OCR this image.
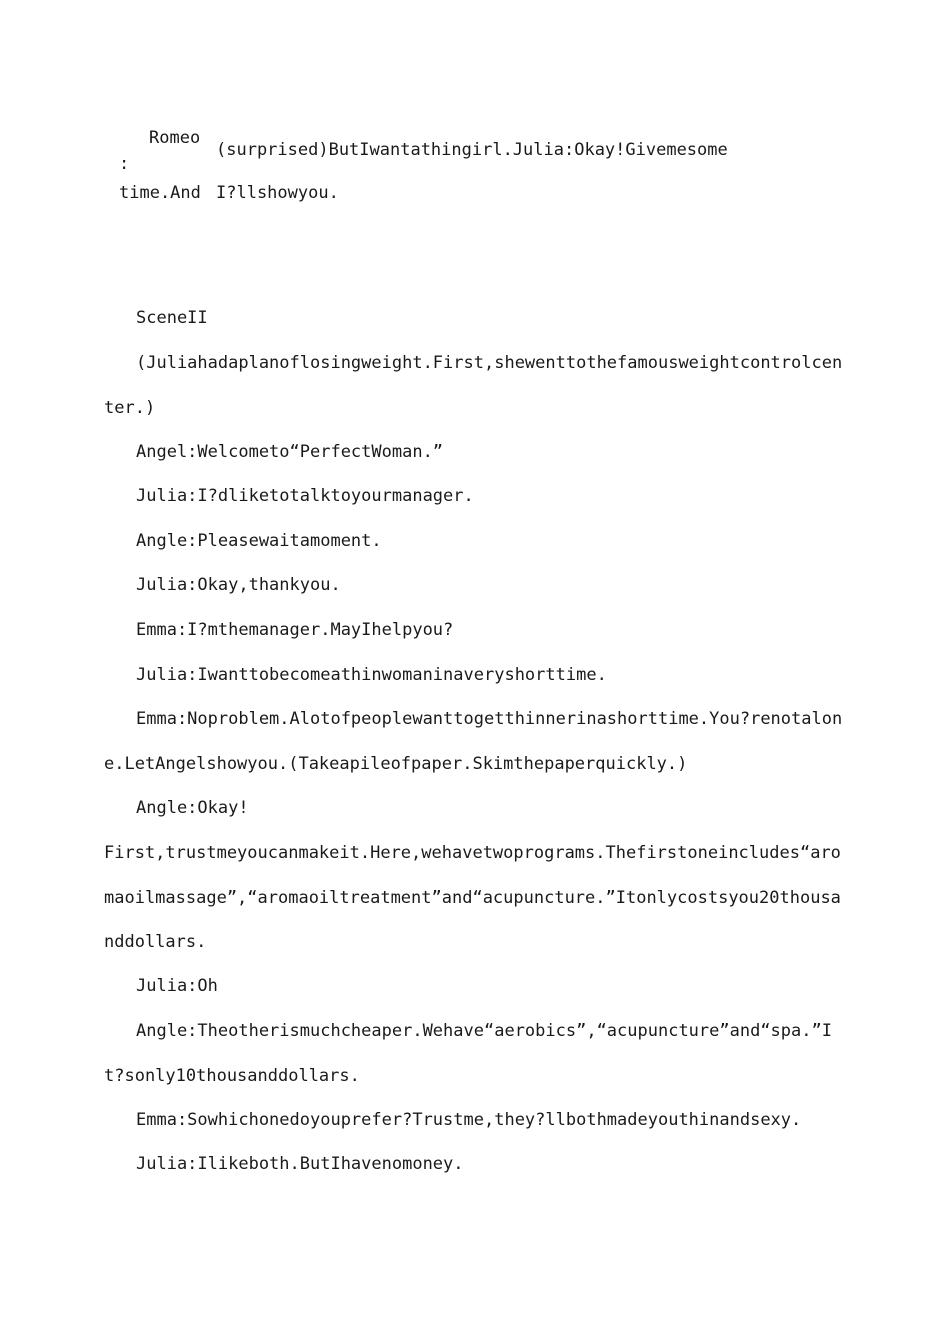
Romeo
:
(surprised)ButIwantathingirl.Julia:Okay!Givemesome
time.And I?llshowyou.
SceneII
(Juliahadaplanoflosingweight.First,shewenttothefamousweightcontrolcenter.)
Angel:Welcometo“PerfectWoman.”
Julia:I?dliketotalktoyourmanager.
Angle:Pleasewaitamoment.
Julia:Okay,thankyou.
Emma:I?mthemanager.MayIhelpyou?
Julia:Iwanttobecomeathinwomaninaveryshorttime.
Emma:Noproblem.Alotofpeoplewanttogetthinnerinashorttime.You?renotalone.LetAngelshowyou.(Takeapileofpaper.Skimthepaperquickly.)
Angle:Okay!
First,trustmeyoucanmakeit.Here,wehavetwoprograms.Thefirstoneincludes“aromaoilmassage”,“aromaoiltreatment”and“acupuncture.”Itonlycostsyou20thousanddollars.
Julia:Oh
Angle:Theotherismuchcheaper.Wehave“aerobics”,“acupuncture”and“spa.”It?sonly10thousanddollars.
Emma:Sowhichonedoyouprefer?Trustme,they?llbothmadeyouthinandsexy.
Julia:Ilikeboth.ButIhavenomoney.
